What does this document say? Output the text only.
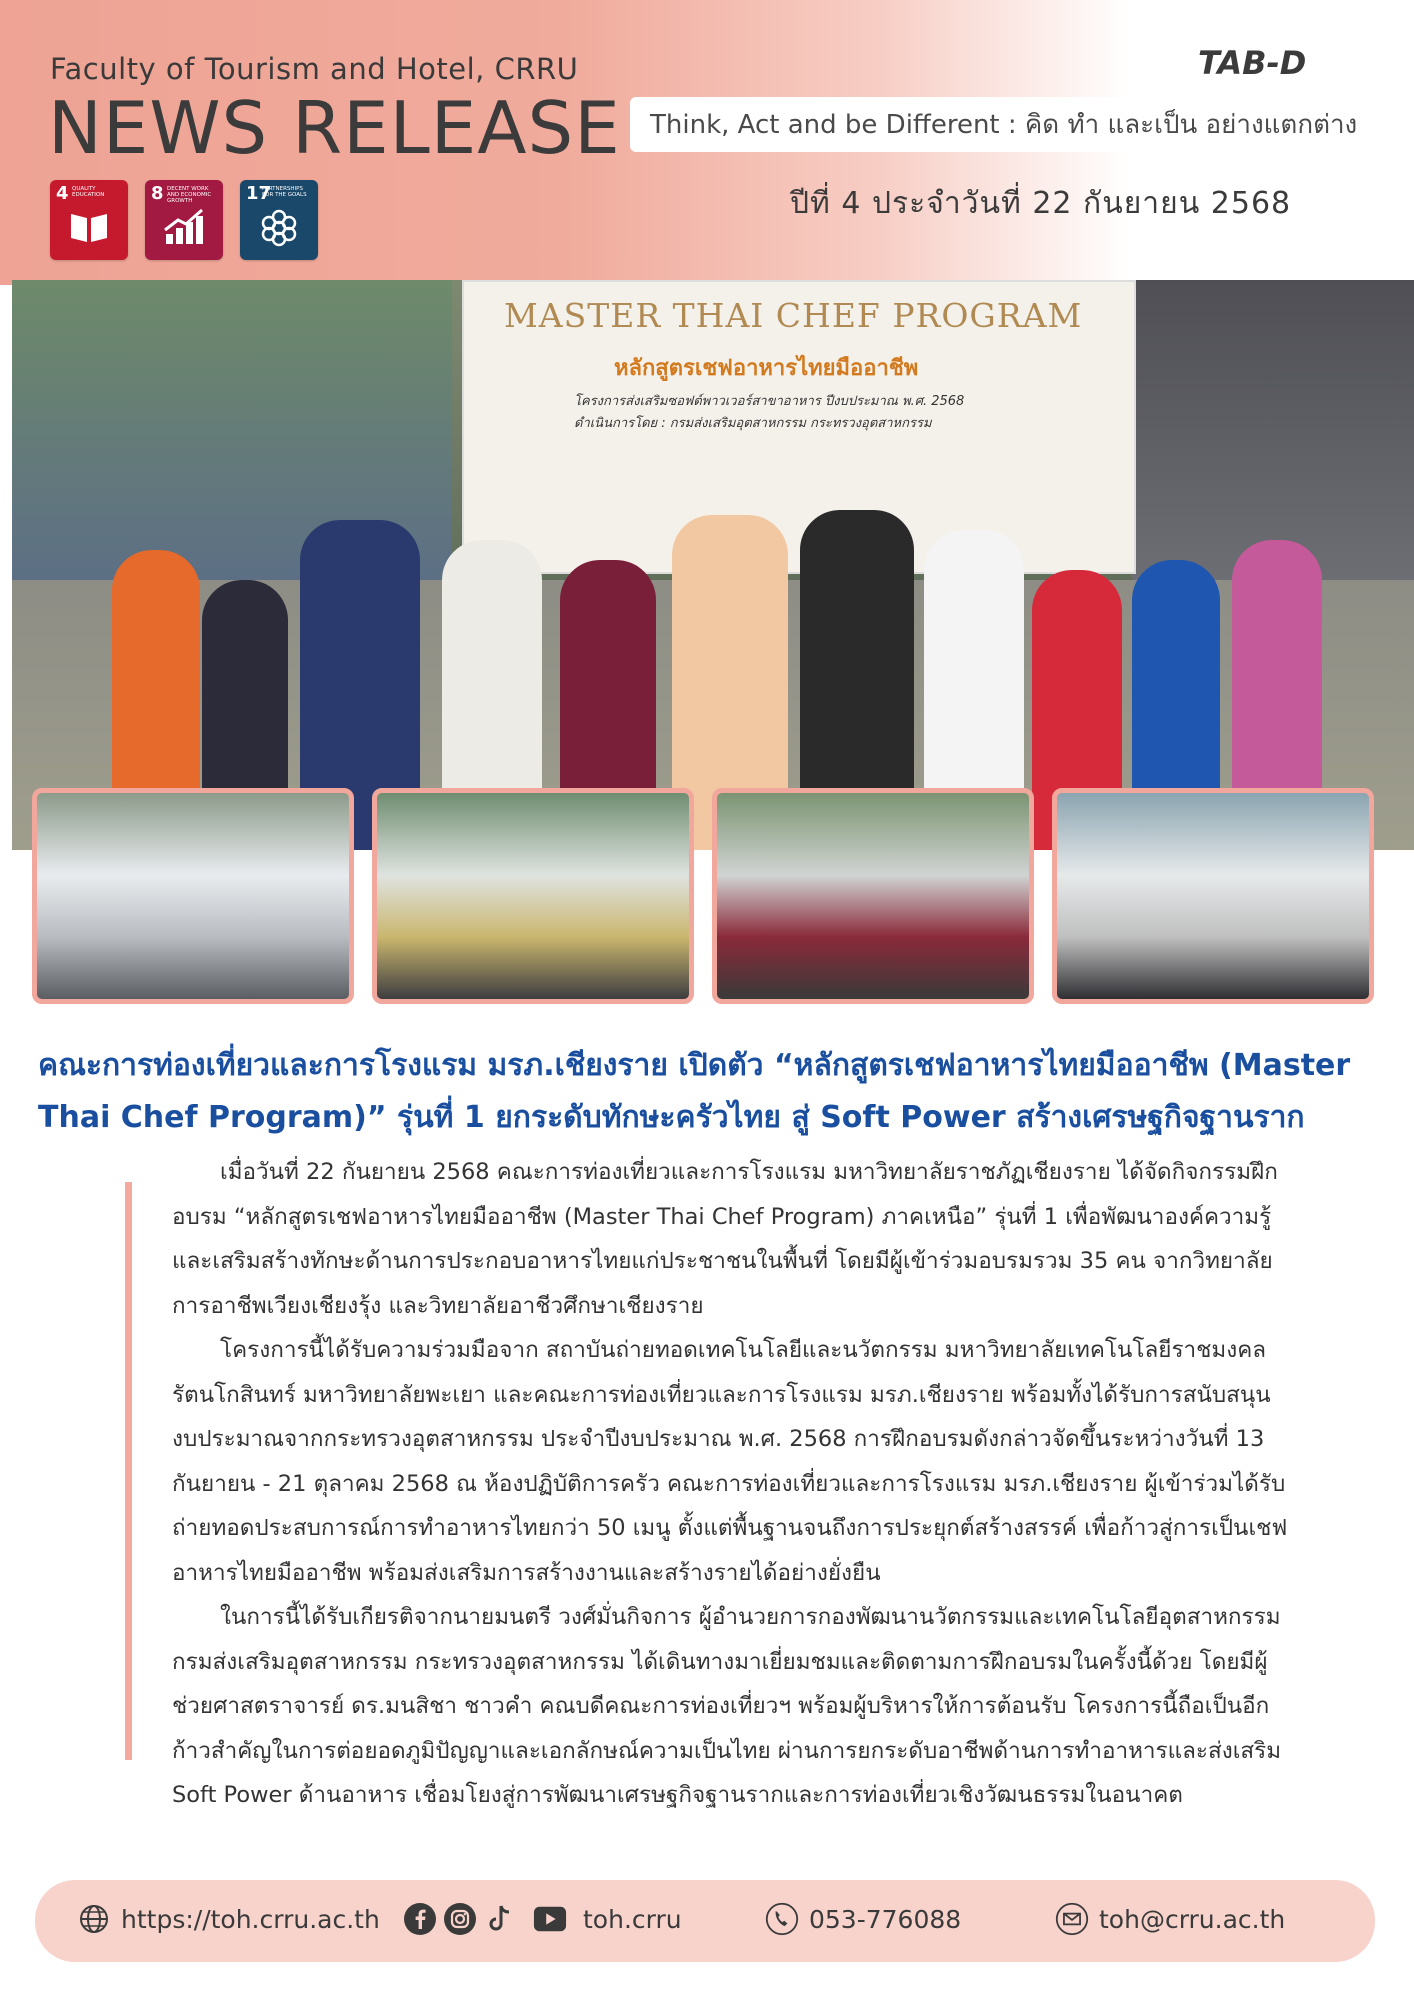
Faculty of Tourism and Hotel, CRRU
NEWS RELEASE
4 QUALITY EDUCATION	8 DECENT WORK AND ECONOMIC GROWTH	17
PARTNERSHIPS FOR THE GOALS
TAB-D
Think, Act and be Different : คิด ทำ และเป็น อย่างแตกต่าง
ปีที่ 4 ประจำวันที่ 22 กันยายน 2568
MASTER THAI CHEF PROGRAM
หลักสูตรเชฟอาหารไทยมืออาชีพ
โครงการส่งเสริมซอฟต์พาวเวอร์สาขาอาหาร ปีงบประมาณ พ.ศ. 2568
ดำเนินการโดย : กรมส่งเสริมอุตสาหกรรม กระทรวงอุตสาหกรรม
คณะการท่องเที่ยวและการโรงแรม มรภ.เชียงราย เปิดตัว “หลักสูตรเชฟอาหารไทยมืออาชีพ (Master Thai Chef Program)” รุ่นที่ 1 ยกระดับทักษะครัวไทย สู่ Soft Power สร้างเศรษฐกิจฐานราก

เมื่อวันที่ 22 กันยายน 2568 คณะการท่องเที่ยวและการโรงแรม มหาวิทยาลัยราชภัฏเชียงราย ได้จัดกิจกรรมฝึกอบรม “หลักสูตรเชฟอาหารไทยมืออาชีพ (Master Thai Chef Program) ภาคเหนือ” รุ่นที่ 1 เพื่อพัฒนาองค์ความรู้และเสริมสร้างทักษะด้านการประกอบอาหารไทยแก่ประชาชนในพื้นที่ โดยมีผู้เข้าร่วมอบรมรวม 35 คน จากวิทยาลัยการอาชีพเวียงเชียงรุ้ง และวิทยาลัยอาชีวศึกษาเชียงราย

โครงการนี้ได้รับความร่วมมือจาก สถาบันถ่ายทอดเทคโนโลยีและนวัตกรรม มหาวิทยาลัยเทคโนโลยีราชมงคลรัตนโกสินทร์ มหาวิทยาลัยพะเยา และคณะการท่องเที่ยวและการโรงแรม มรภ.เชียงราย พร้อมทั้งได้รับการสนับสนุนงบประมาณจากกระทรวงอุตสาหกรรม ประจำปีงบประมาณ พ.ศ. 2568 การฝึกอบรมดังกล่าวจัดขึ้นระหว่างวันที่ 13 กันยายน - 21 ตุลาคม 2568 ณ ห้องปฏิบัติการครัว คณะการท่องเที่ยวและการโรงแรม มรภ.เชียงราย ผู้เข้าร่วมได้รับถ่ายทอดประสบการณ์การทำอาหารไทยกว่า 50 เมนู ตั้งแต่พื้นฐานจนถึงการประยุกต์สร้างสรรค์ เพื่อก้าวสู่การเป็นเชฟอาหารไทยมืออาชีพ พร้อมส่งเสริมการสร้างงานและสร้างรายได้อย่างยั่งยืน

ในการนี้ได้รับเกียรติจากนายมนตรี วงศ์มั่นกิจการ ผู้อำนวยการกองพัฒนานวัตกรรมและเทคโนโลยีอุตสาหกรรม กรมส่งเสริมอุตสาหกรรม กระทรวงอุตสาหกรรม ได้เดินทางมาเยี่ยมชมและติดตามการฝึกอบรมในครั้งนี้ด้วย โดยมีผู้ช่วยศาสตราจารย์ ดร.มนสิชา ชาวคำ คณบดีคณะการท่องเที่ยวฯ พร้อมผู้บริหารให้การต้อนรับ โครงการนี้ถือเป็นอีกก้าวสำคัญในการต่อยอดภูมิปัญญาและเอกลักษณ์ความเป็นไทย ผ่านการยกระดับอาชีพด้านการทำอาหารและส่งเสริม Soft Power ด้านอาหาร เชื่อมโยงสู่การพัฒนาเศรษฐกิจฐานรากและการท่องเที่ยวเชิงวัฒนธรรมในอนาคต

https://toh.crru.ac.th	toh.crru	053-776088	toh@crru.ac.th
